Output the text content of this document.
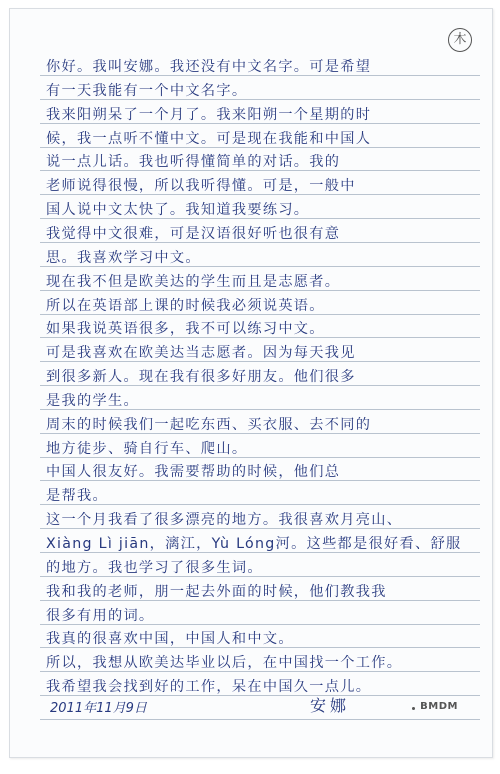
木
你好。我叫安娜。我还没有中文名字。可是希望
有一天我能有一个中文名字。
我来阳朔呆了一个月了。我来阳朔一个星期的时
候，我一点听不懂中文。可是现在我能和中国人
说一点儿话。我也听得懂简单的对话。我的
老师说得很慢，所以我听得懂。可是，一般中
国人说中文太快了。我知道我要练习。
我觉得中文很难，可是汉语很好听也很有意
思。我喜欢学习中文。
现在我不但是欧美达的学生而且是志愿者。
所以在英语部上课的时候我必须说英语。
如果我说英语很多，我不可以练习中文。
可是我喜欢在欧美达当志愿者。因为每天我见
到很多新人。现在我有很多好朋友。他们很多
是我的学生。
周末的时候我们一起吃东西、买衣服、去不同的
地方徒步、骑自行车、爬山。
中国人很友好。我需要帮助的时候，他们总
是帮我。
这一个月我看了很多漂亮的地方。我很喜欢月亮山、
Xiàng Lì jiān，漓江，Yù Lóng河。这些都是很好看、舒服
的地方。我也学习了很多生词。
我和我的老师，朋一起去外面的时候，他们教我我
很多有用的词。
我真的很喜欢中国，中国人和中文。
所以，我想从欧美达毕业以后，在中国找一个工作。
我希望我会找到好的工作，呆在中国久一点儿。
2011年11月9日	安娜	BMDM
